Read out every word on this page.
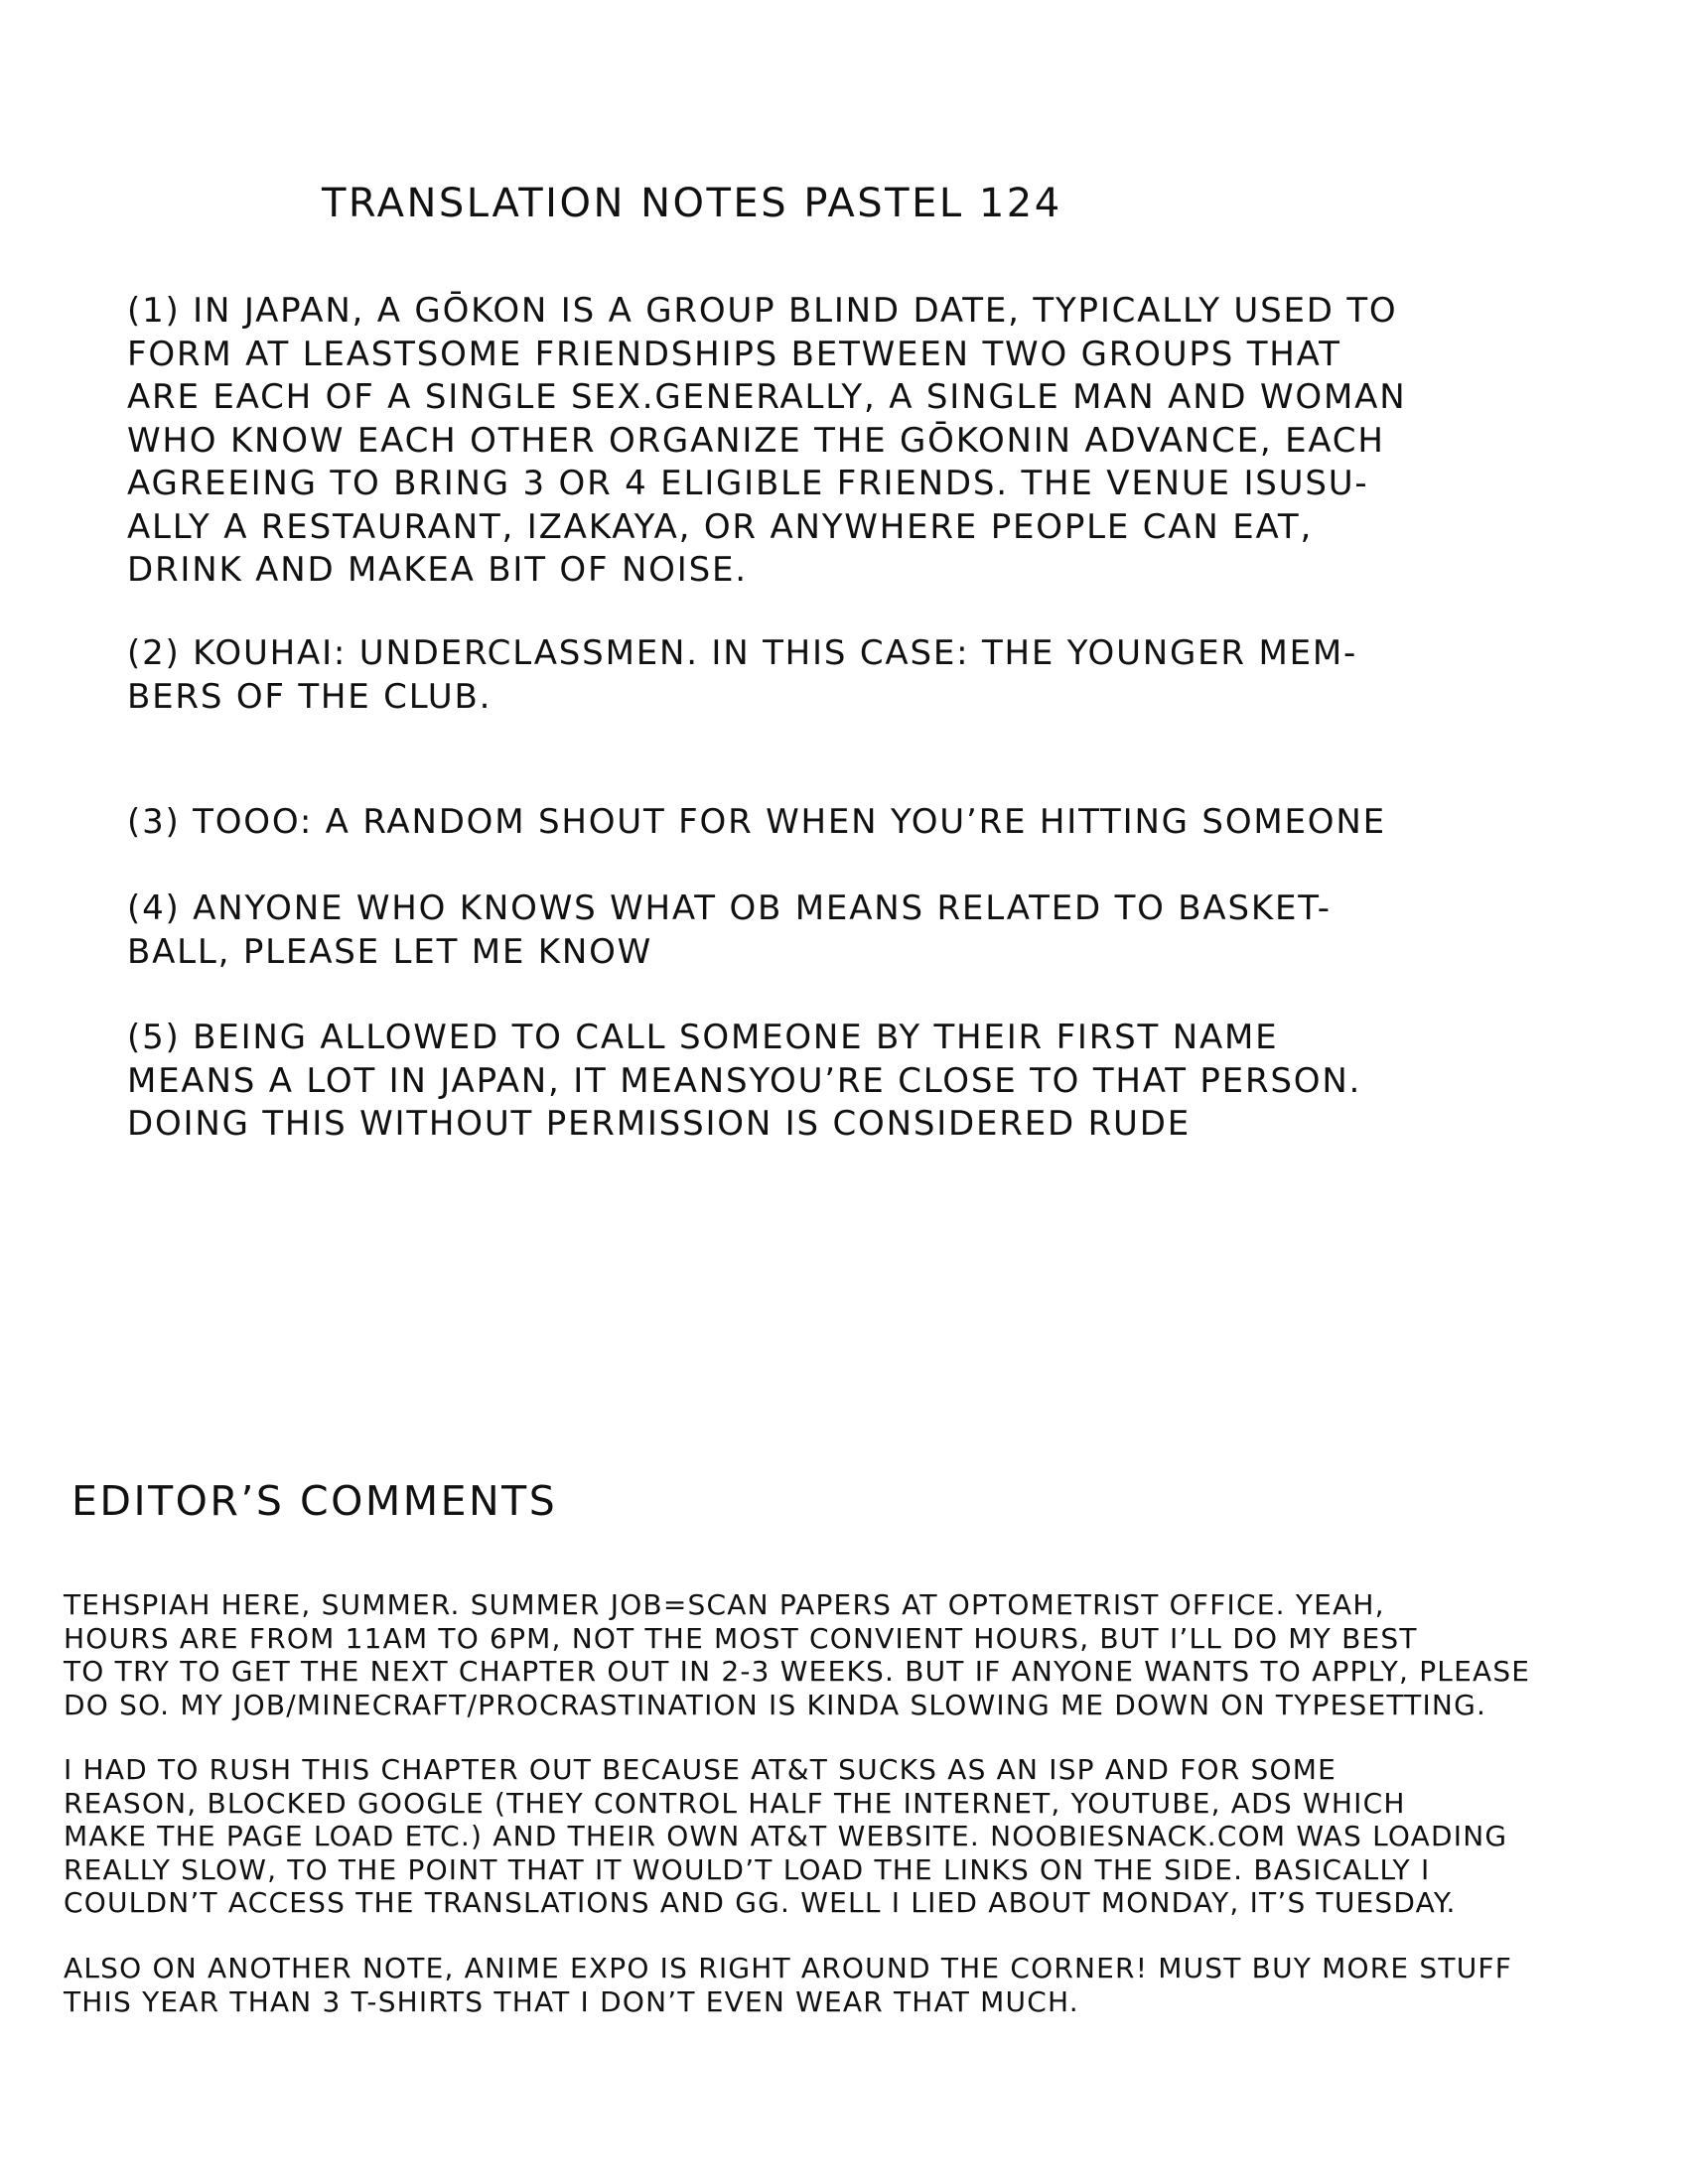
TRANSLATION NOTES PASTEL 124
(1) IN JAPAN, A GŌKON IS A GROUP BLIND DATE, TYPICALLY USED TO
FORM AT LEASTSOME FRIENDSHIPS BETWEEN TWO GROUPS THAT
ARE EACH OF A SINGLE SEX.GENERALLY, A SINGLE MAN AND WOMAN
WHO KNOW EACH OTHER ORGANIZE THE GŌKONIN ADVANCE, EACH
AGREEING TO BRING 3 OR 4 ELIGIBLE FRIENDS. THE VENUE ISUSU-
ALLY A RESTAURANT, IZAKAYA, OR ANYWHERE PEOPLE CAN EAT,
DRINK AND MAKEA BIT OF NOISE.
(2) KOUHAI: UNDERCLASSMEN. IN THIS CASE: THE YOUNGER MEM-
BERS OF THE CLUB.
(3) TOOO: A RANDOM SHOUT FOR WHEN YOU’RE HITTING SOMEONE
(4) ANYONE WHO KNOWS WHAT OB MEANS RELATED TO BASKET-
BALL, PLEASE LET ME KNOW
(5) BEING ALLOWED TO CALL SOMEONE BY THEIR FIRST NAME
MEANS A LOT IN JAPAN, IT MEANSYOU’RE CLOSE TO THAT PERSON.
DOING THIS WITHOUT PERMISSION IS CONSIDERED RUDE
EDITOR’S COMMENTS
TEHSPIAH HERE, SUMMER. SUMMER JOB=SCAN PAPERS AT OPTOMETRIST OFFICE. YEAH,
HOURS ARE FROM 11AM TO 6PM, NOT THE MOST CONVIENT HOURS, BUT I’LL DO MY BEST
TO TRY TO GET THE NEXT CHAPTER OUT IN 2-3 WEEKS. BUT IF ANYONE WANTS TO APPLY, PLEASE
DO SO. MY JOB/MINECRAFT/PROCRASTINATION IS KINDA SLOWING ME DOWN ON TYPESETTING.
I HAD TO RUSH THIS CHAPTER OUT BECAUSE AT&T SUCKS AS AN ISP AND FOR SOME
REASON, BLOCKED GOOGLE (THEY CONTROL HALF THE INTERNET, YOUTUBE, ADS WHICH
MAKE THE PAGE LOAD ETC.) AND THEIR OWN AT&T WEBSITE. NOOBIESNACK.COM WAS LOADING
REALLY SLOW, TO THE POINT THAT IT WOULD’T LOAD THE LINKS ON THE SIDE. BASICALLY I
COULDN’T ACCESS THE TRANSLATIONS AND GG. WELL I LIED ABOUT MONDAY, IT’S TUESDAY.
ALSO ON ANOTHER NOTE, ANIME EXPO IS RIGHT AROUND THE CORNER! MUST BUY MORE STUFF
THIS YEAR THAN 3 T-SHIRTS THAT I DON’T EVEN WEAR THAT MUCH.
